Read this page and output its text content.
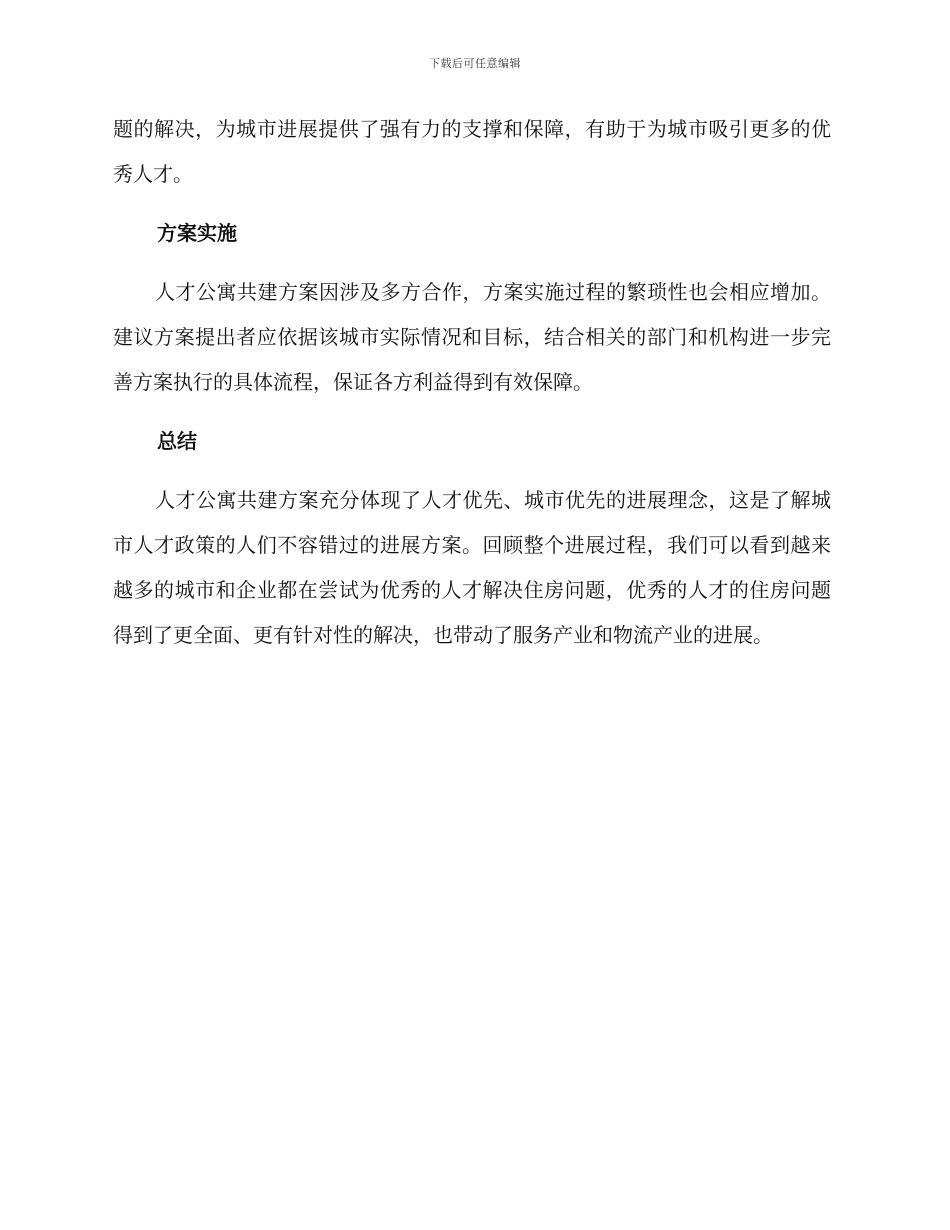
下载后可任意编辑

题的解决，为城市进展提供了强有力的支撑和保障，有助于为城市吸引更多的优秀人才。

方案实施

人才公寓共建方案因涉及多方合作，方案实施过程的繁琐性也会相应增加。建议方案提出者应依据该城市实际情况和目标，结合相关的部门和机构进一步完善方案执行的具体流程，保证各方利益得到有效保障。

总结

人才公寓共建方案充分体现了人才优先、城市优先的进展理念，这是了解城市人才政策的人们不容错过的进展方案。回顾整个进展过程，我们可以看到越来越多的城市和企业都在尝试为优秀的人才解决住房问题，优秀的人才的住房问题得到了更全面、更有针对性的解决，也带动了服务产业和物流产业的进展。
